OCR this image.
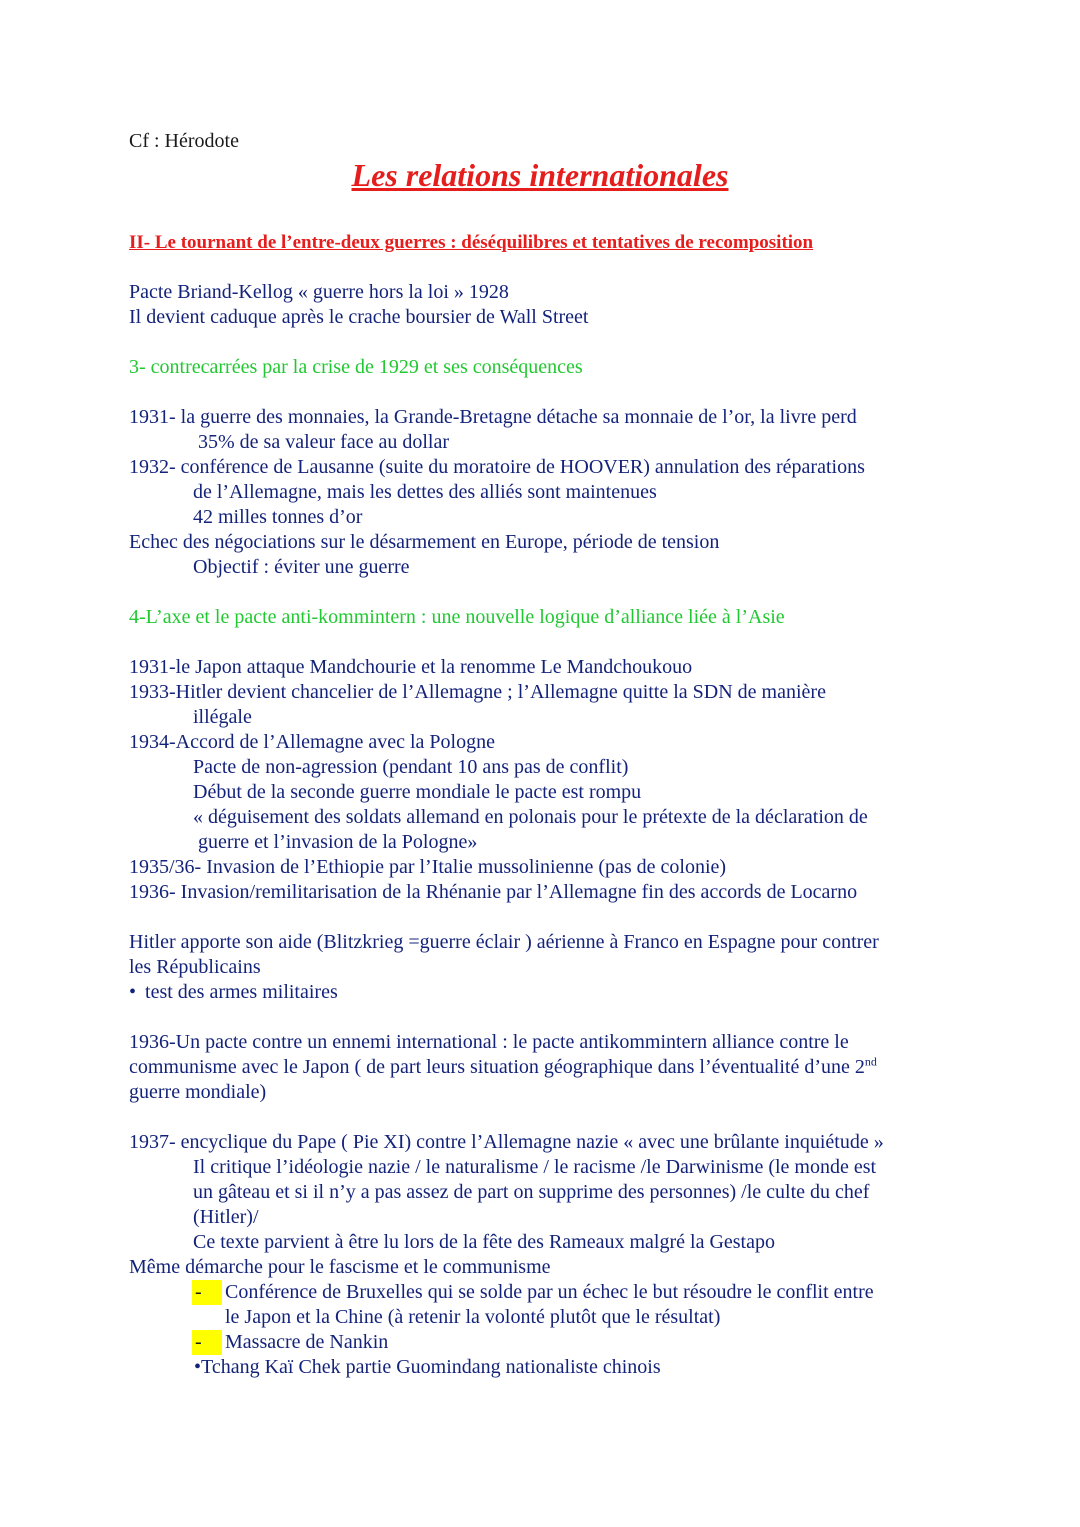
Cf : Hérodote
Les relations internationales
II- Le tournant de l’entre-deux guerres : déséquilibres et tentatives de recomposition
Pacte Briand-Kellog « guerre hors la loi » 1928
Il devient caduque après le crache boursier de Wall Street
3- contrecarrées par la crise de 1929 et ses conséquences
1931- la guerre des monnaies, la Grande-Bretagne détache sa monnaie de l’or, la livre perd
35% de sa valeur face au dollar
1932- conférence de Lausanne (suite du moratoire de HOOVER) annulation des réparations
de l’Allemagne, mais les dettes des alliés sont maintenues
42 milles tonnes d’or
Echec des négociations sur le désarmement en Europe, période de tension
Objectif : éviter une guerre
4-L’axe et le pacte anti-kommintern : une nouvelle logique d’alliance liée à l’Asie
1931-le Japon attaque Mandchourie et la renomme Le Mandchoukouo
1933-Hitler devient chancelier de l’Allemagne ; l’Allemagne quitte la SDN de manière
illégale
1934-Accord de l’Allemagne avec la Pologne
Pacte de non-agression (pendant 10 ans pas de conflit)
Début de la seconde guerre mondiale le pacte est rompu
« déguisement des soldats allemand en polonais pour le prétexte de la déclaration de
guerre et l’invasion de la Pologne»
1935/36- Invasion de l’Ethiopie par l’Italie mussolinienne (pas de colonie)
1936- Invasion/remilitarisation de la Rhénanie par l’Allemagne fin des accords de Locarno
Hitler apporte son aide (Blitzkrieg =guerre éclair ) aérienne à Franco en Espagne pour contrer
les Républicains
• test des armes militaires
1936-Un pacte contre un ennemi international : le pacte antikommintern alliance contre le
communisme avec le Japon ( de part leurs situation géographique dans l’éventualité d’une 2nd
guerre mondiale)
1937- encyclique du Pape ( Pie XI) contre l’Allemagne nazie « avec une brûlante inquiétude »
Il critique l’idéologie nazie / le naturalisme / le racisme /le Darwinisme (le monde est
un gâteau et si il n’y a pas assez de part on supprime des personnes) /le culte du chef
(Hitler)/
Ce texte parvient à être lu lors de la fête des Rameaux malgré la Gestapo
Même démarche pour le fascisme et le communisme
- Conférence de Bruxelles qui se solde par un échec le but résoudre le conflit entre
le Japon et la Chine (à retenir la volonté plutôt que le résultat)
- Massacre de Nankin
•Tchang Kaï Chek partie Guomindang nationaliste chinois
